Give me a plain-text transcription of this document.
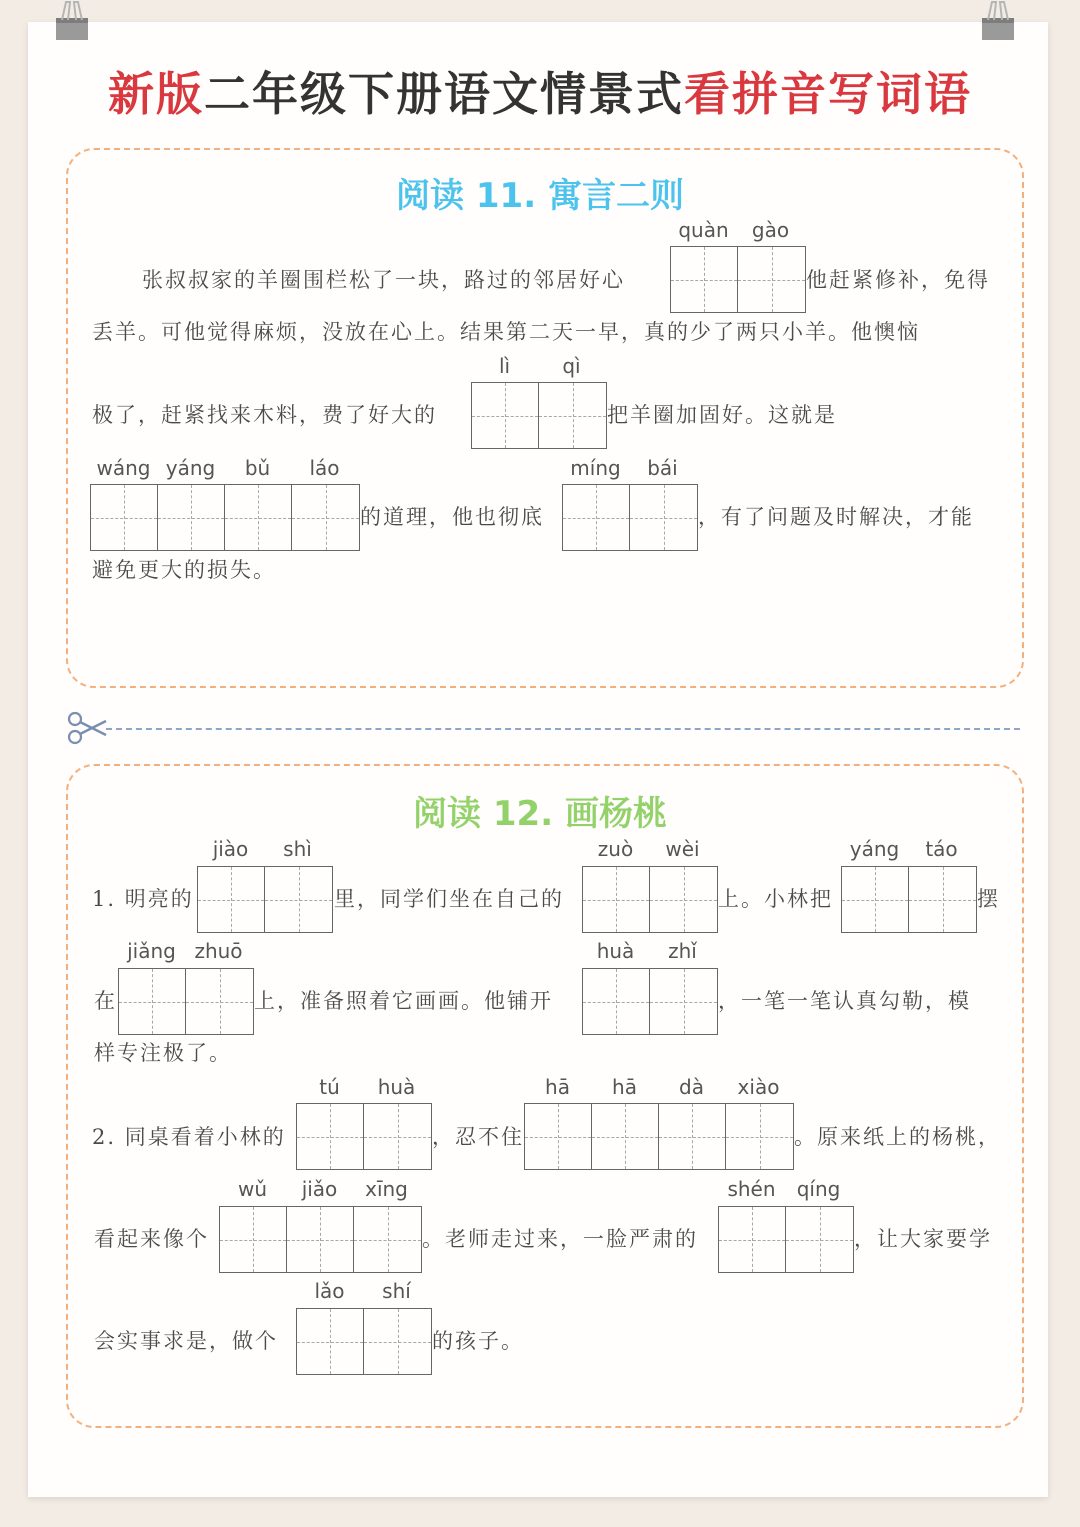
新版二年级下册语文情景式看拼音写词语
阅读 11. 寓言二则
张叔叔家的羊圈围栏松了一块，路过的邻居好心
quàn	gào
他赶紧修补，免得
丢羊。可他觉得麻烦，没放在心上。结果第二天一早，真的少了两只小羊。他懊恼
极了，赶紧找来木料，费了好大的
lì	qì
把羊圈加固好。这就是
wáng yáng	bǔ	láo
的道理，他也彻底
míng	bái
，有了问题及时解决，才能
避免更大的损失。
阅读 12. 画杨桃
1. 明亮的
jiào	shì
里，同学们坐在自己的
zuò	wèi
上。小林把
yáng	táo
摆
在
jiǎng zhuō
上，准备照着它画画。他铺开
huà	zhǐ
，一笔一笔认真勾勒，模
样专注极了。
2. 同桌看着小林的
tú	huà
，忍不住
hā	hā	dà	xiào
。原来纸上的杨桃，
看起来像个
wǔ	jiǎo	xīng
。老师走过来，一脸严肃的
shén	qíng
，让大家要学
会实事求是，做个
lǎo	shí
的孩子。
